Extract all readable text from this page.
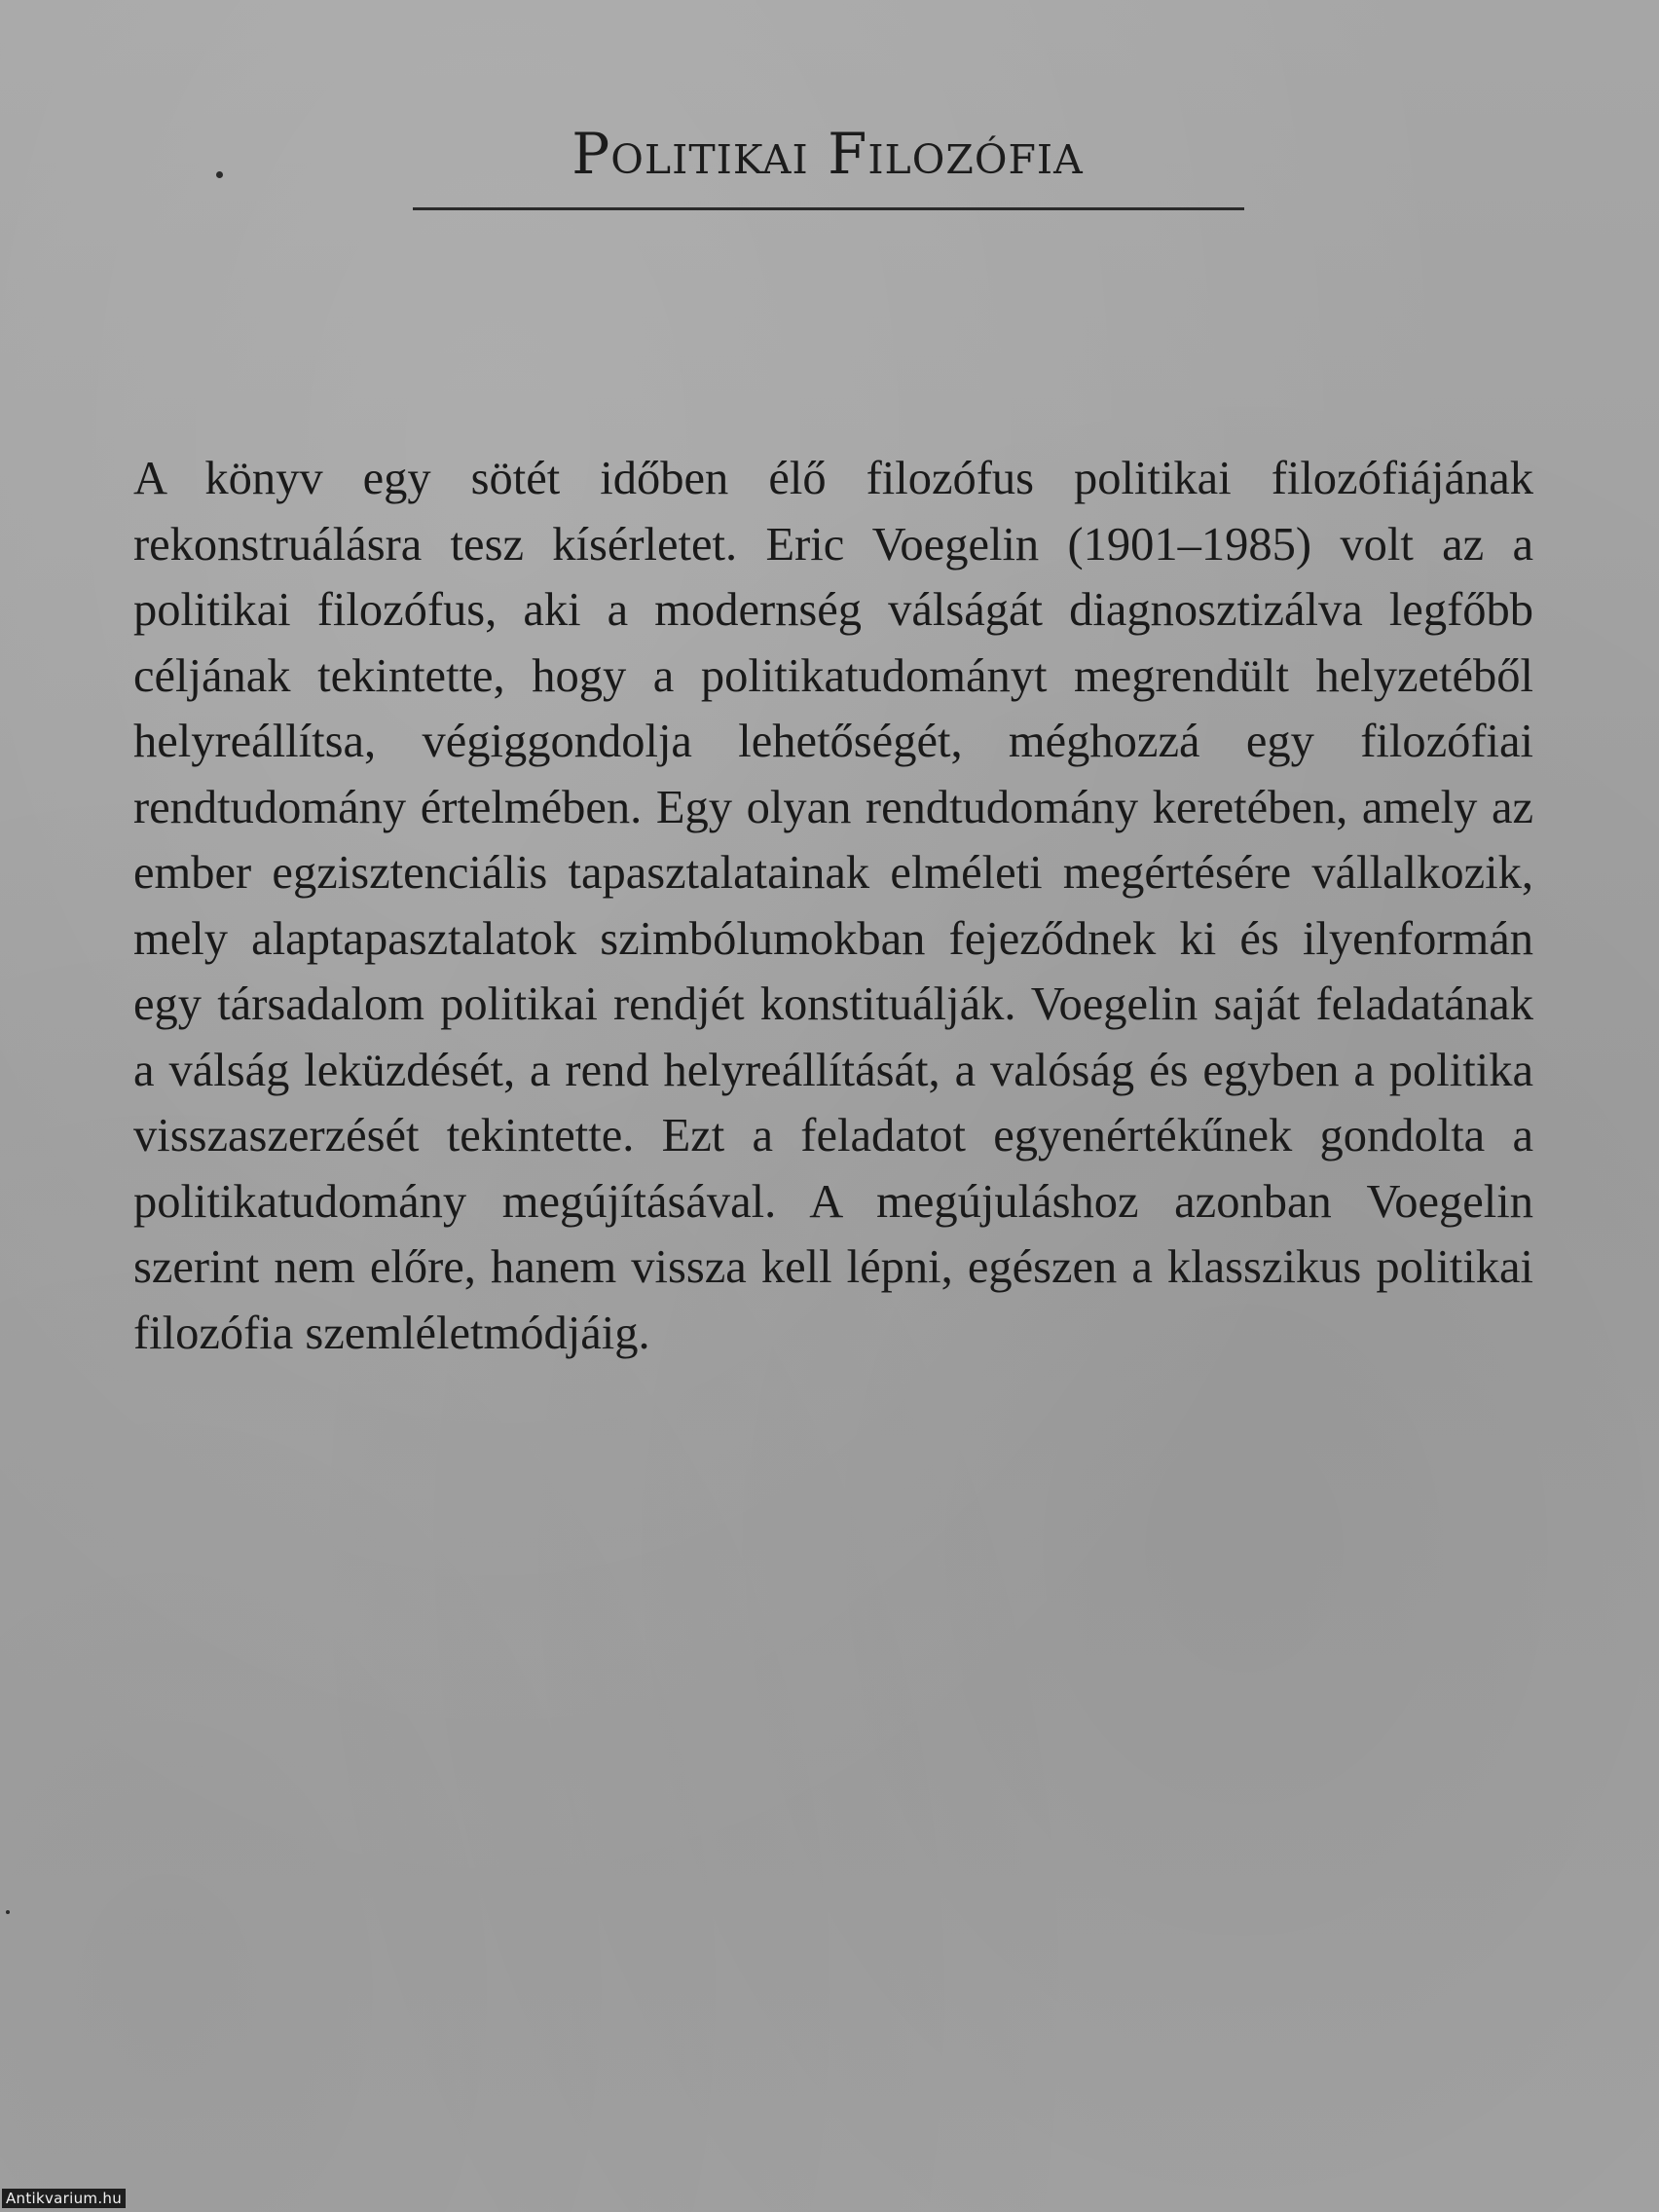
Politikai Filozófia

A könyv egy sötét időben élő filozófus politikai filozófiájának rekonstruálásra tesz kísérletet. Eric Voegelin (1901–1985) volt az a politikai filozófus, aki a modernség válságát diagnosztizálva legfőbb céljának tekintette, hogy a politikatudományt megrendült helyzetéből helyreállítsa, végiggondolja lehetőségét, méghozzá egy filozófiai rendtudomány értelmében. Egy olyan rendtudomány keretében, amely az ember egzisztenciális tapasztalatainak elméleti megértésére vállalkozik, mely alaptapasztalatok szimbólumokban fejeződnek ki és ilyenformán egy társadalom politikai rendjét konstituálják. Voegelin saját feladatának a válság leküzdését, a rend helyreállítását, a valóság és egyben a politika visszaszerzését tekintette. Ezt a feladatot egyenértékűnek gondolta a politikatudomány megújításával. A megújuláshoz azonban Voegelin szerint nem előre, hanem vissza kell lépni, egészen a klasszikus politikai filozófia szemléletmódjáig.

Antikvarium.hu
